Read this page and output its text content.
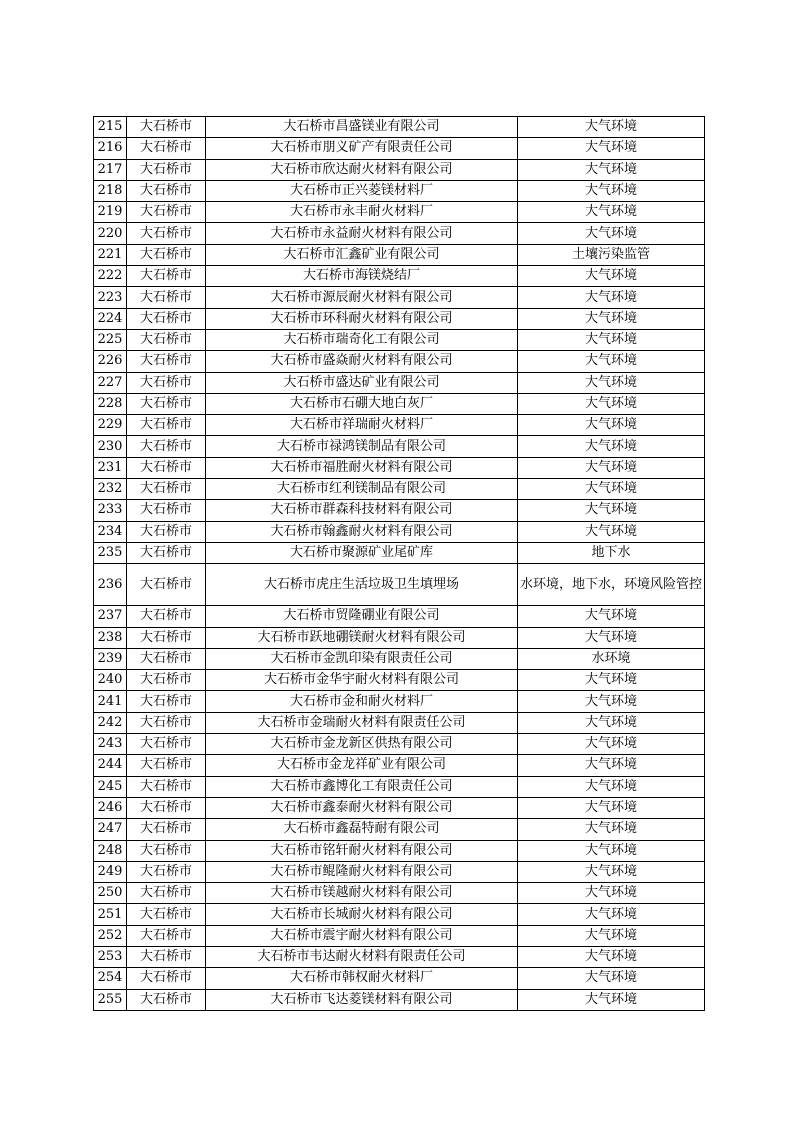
215	大石桥市	大石桥市昌盛镁业有限公司	大气环境
216	大石桥市	大石桥市朋义矿产有限责任公司	大气环境
217	大石桥市	大石桥市欣达耐火材料有限公司	大气环境
218	大石桥市	大石桥市正兴菱镁材料厂	大气环境
219	大石桥市	大石桥市永丰耐火材料厂	大气环境
220	大石桥市	大石桥市永益耐火材料有限公司	大气环境
221	大石桥市	大石桥市汇鑫矿业有限公司	土壤污染监管
222	大石桥市	大石桥市海镁烧结厂	大气环境
223	大石桥市	大石桥市源辰耐火材料有限公司	大气环境
224	大石桥市	大石桥市环科耐火材料有限公司	大气环境
225	大石桥市	大石桥市瑞奇化工有限公司	大气环境
226	大石桥市	大石桥市盛焱耐火材料有限公司	大气环境
227	大石桥市	大石桥市盛达矿业有限公司	大气环境
228	大石桥市	大石桥市石硼大地白灰厂	大气环境
229	大石桥市	大石桥市祥瑞耐火材料厂	大气环境
230	大石桥市	大石桥市禄鸿镁制品有限公司	大气环境
231	大石桥市	大石桥市福胜耐火材料有限公司	大气环境
232	大石桥市	大石桥市红利镁制品有限公司	大气环境
233	大石桥市	大石桥市群森科技材料有限公司	大气环境
234	大石桥市	大石桥市翰鑫耐火材料有限公司	大气环境
235	大石桥市	大石桥市聚源矿业尾矿库	地下水
236	大石桥市	大石桥市虎庄生活垃圾卫生填埋场	水环境，地下水，环境风险管控
237	大石桥市	大石桥市贸隆硼业有限公司	大气环境
238	大石桥市	大石桥市跃地硼镁耐火材料有限公司	大气环境
239	大石桥市	大石桥市金凯印染有限责任公司	水环境
240	大石桥市	大石桥市金华宇耐火材料有限公司	大气环境
241	大石桥市	大石桥市金和耐火材料厂	大气环境
242	大石桥市	大石桥市金瑞耐火材料有限责任公司	大气环境
243	大石桥市	大石桥市金龙新区供热有限公司	大气环境
244	大石桥市	大石桥市金龙祥矿业有限公司	大气环境
245	大石桥市	大石桥市鑫博化工有限责任公司	大气环境
246	大石桥市	大石桥市鑫泰耐火材料有限公司	大气环境
247	大石桥市	大石桥市鑫磊特耐有限公司	大气环境
248	大石桥市	大石桥市铭轩耐火材料有限公司	大气环境
249	大石桥市	大石桥市鲲隆耐火材料有限公司	大气环境
250	大石桥市	大石桥市镁越耐火材料有限公司	大气环境
251	大石桥市	大石桥市长城耐火材料有限公司	大气环境
252	大石桥市	大石桥市震宇耐火材料有限公司	大气环境
253	大石桥市	大石桥市韦达耐火材料有限责任公司	大气环境
254	大石桥市	大石桥市韩权耐火材料厂	大气环境
255	大石桥市	大石桥市飞达菱镁材料有限公司	大气环境
